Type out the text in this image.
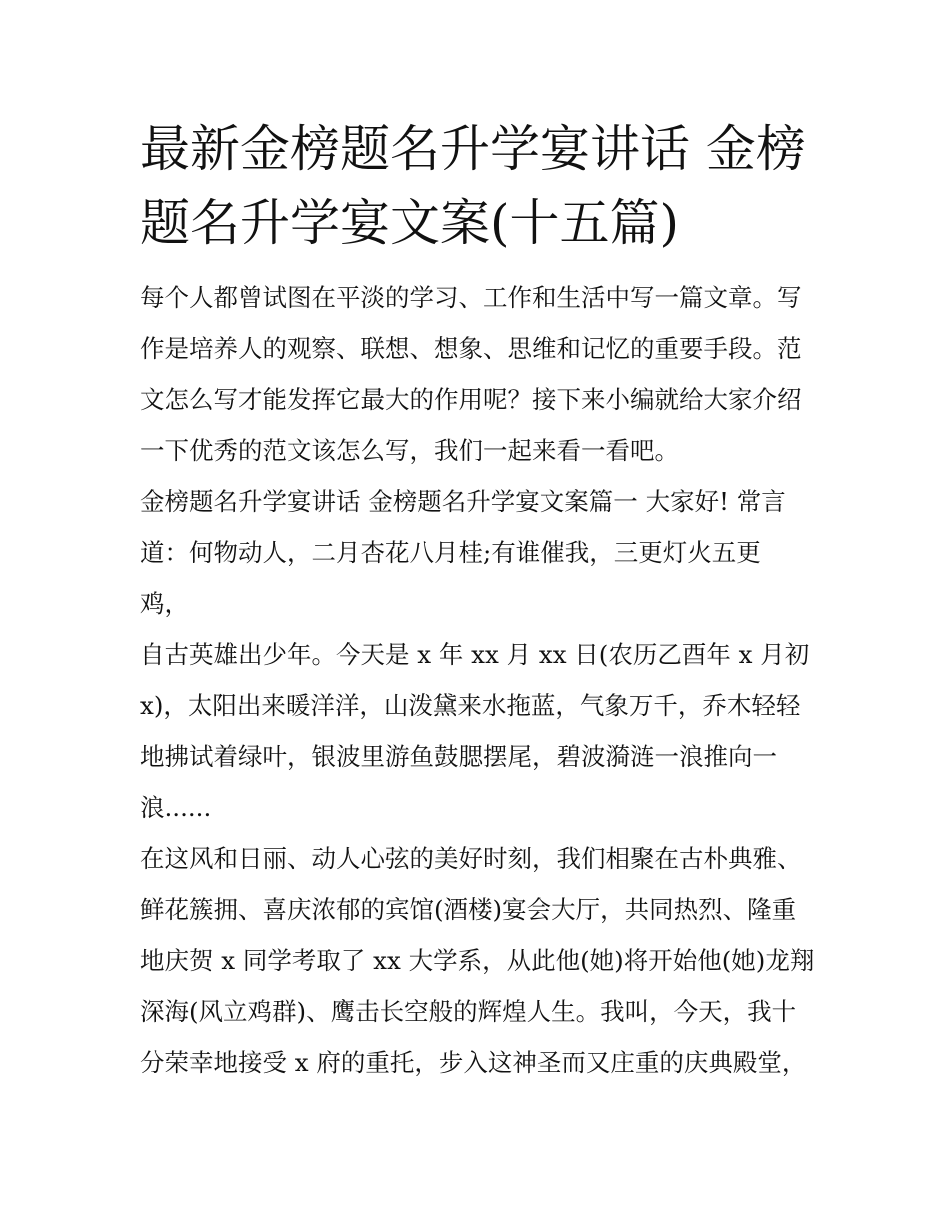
最新金榜题名升学宴讲话 金榜
题名升学宴文案(十五篇)
每个人都曾试图在平淡的学习、工作和生活中写一篇文章。写
作是培养人的观察、联想、想象、思维和记忆的重要手段。范
文怎么写才能发挥它最大的作用呢？接下来小编就给大家介绍
一下优秀的范文该怎么写，我们一起来看一看吧。
金榜题名升学宴讲话 金榜题名升学宴文案篇一 大家好! 常言
道：何物动人，二月杏花八月桂;有谁催我，三更灯火五更
鸡，
自古英雄出少年。今天是 x 年 xx 月 xx 日(农历乙酉年 x 月初
x)，太阳出来暖洋洋，山泼黛来水拖蓝，气象万千，乔木轻轻
地拂试着绿叶，银波里游鱼鼓腮摆尾，碧波漪涟一浪推向一
浪......
在这风和日丽、动人心弦的美好时刻，我们相聚在古朴典雅、
鲜花簇拥、喜庆浓郁的宾馆(酒楼)宴会大厅，共同热烈、隆重
地庆贺 x 同学考取了 xx 大学系，从此他(她)将开始他(她)龙翔
深海(风立鸡群)、鹰击长空般的辉煌人生。我叫，今天，我十
分荣幸地接受 x 府的重托，步入这神圣而又庄重的庆典殿堂，
